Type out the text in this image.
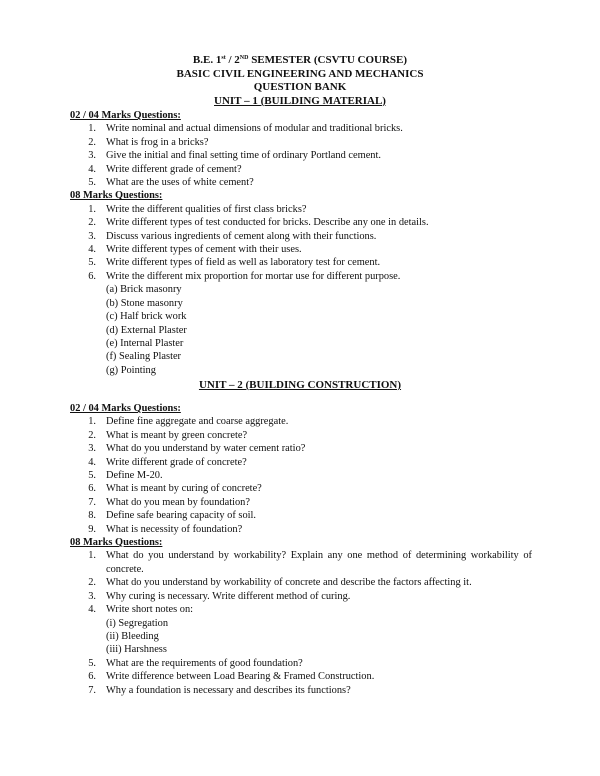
B.E. 1st / 2ND SEMESTER (CSVTU COURSE)
BASIC CIVIL ENGINEERING AND MECHANICS
QUESTION BANK
UNIT – 1 (BUILDING MATERIAL)
02 / 04 Marks Questions:
1. Write nominal and actual dimensions of modular and traditional bricks.
2. What is frog in a bricks?
3. Give the initial and final setting time of ordinary Portland cement.
4. Write different grade of cement?
5. What are the uses of white cement?
08 Marks Questions:
1. Write the different qualities of first class bricks?
2. Write different types of test conducted for bricks. Describe any one in details.
3. Discuss various ingredients of cement along with their functions.
4. Write different types of cement with their uses.
5. Write different types of field as well as laboratory test for cement.
6. Write the different mix proportion for mortar use for different purpose.
(a) Brick masonry
(b) Stone masonry
(c) Half brick work
(d) External Plaster
(e) Internal Plaster
(f) Sealing Plaster
(g) Pointing
UNIT – 2 (BUILDING CONSTRUCTION)
02 / 04 Marks Questions:
1. Define fine aggregate and coarse aggregate.
2. What is meant by green concrete?
3. What do you understand by water cement ratio?
4. Write different grade of concrete?
5. Define M-20.
6. What is meant by curing of concrete?
7. What do you mean by foundation?
8. Define safe bearing capacity of soil.
9. What is necessity of foundation?
08 Marks Questions:
1. What do you understand by workability? Explain any one method of determining workability of concrete.
2. What do you understand by workability of concrete and describe the factors affecting it.
3. Why curing is necessary. Write different method of curing.
4. Write short notes on:
(i) Segregation
(ii) Bleeding
(iii) Harshness
5. What are the requirements of good foundation?
6. Write difference between Load Bearing & Framed Construction.
7. Why a foundation is necessary and describes its functions?
